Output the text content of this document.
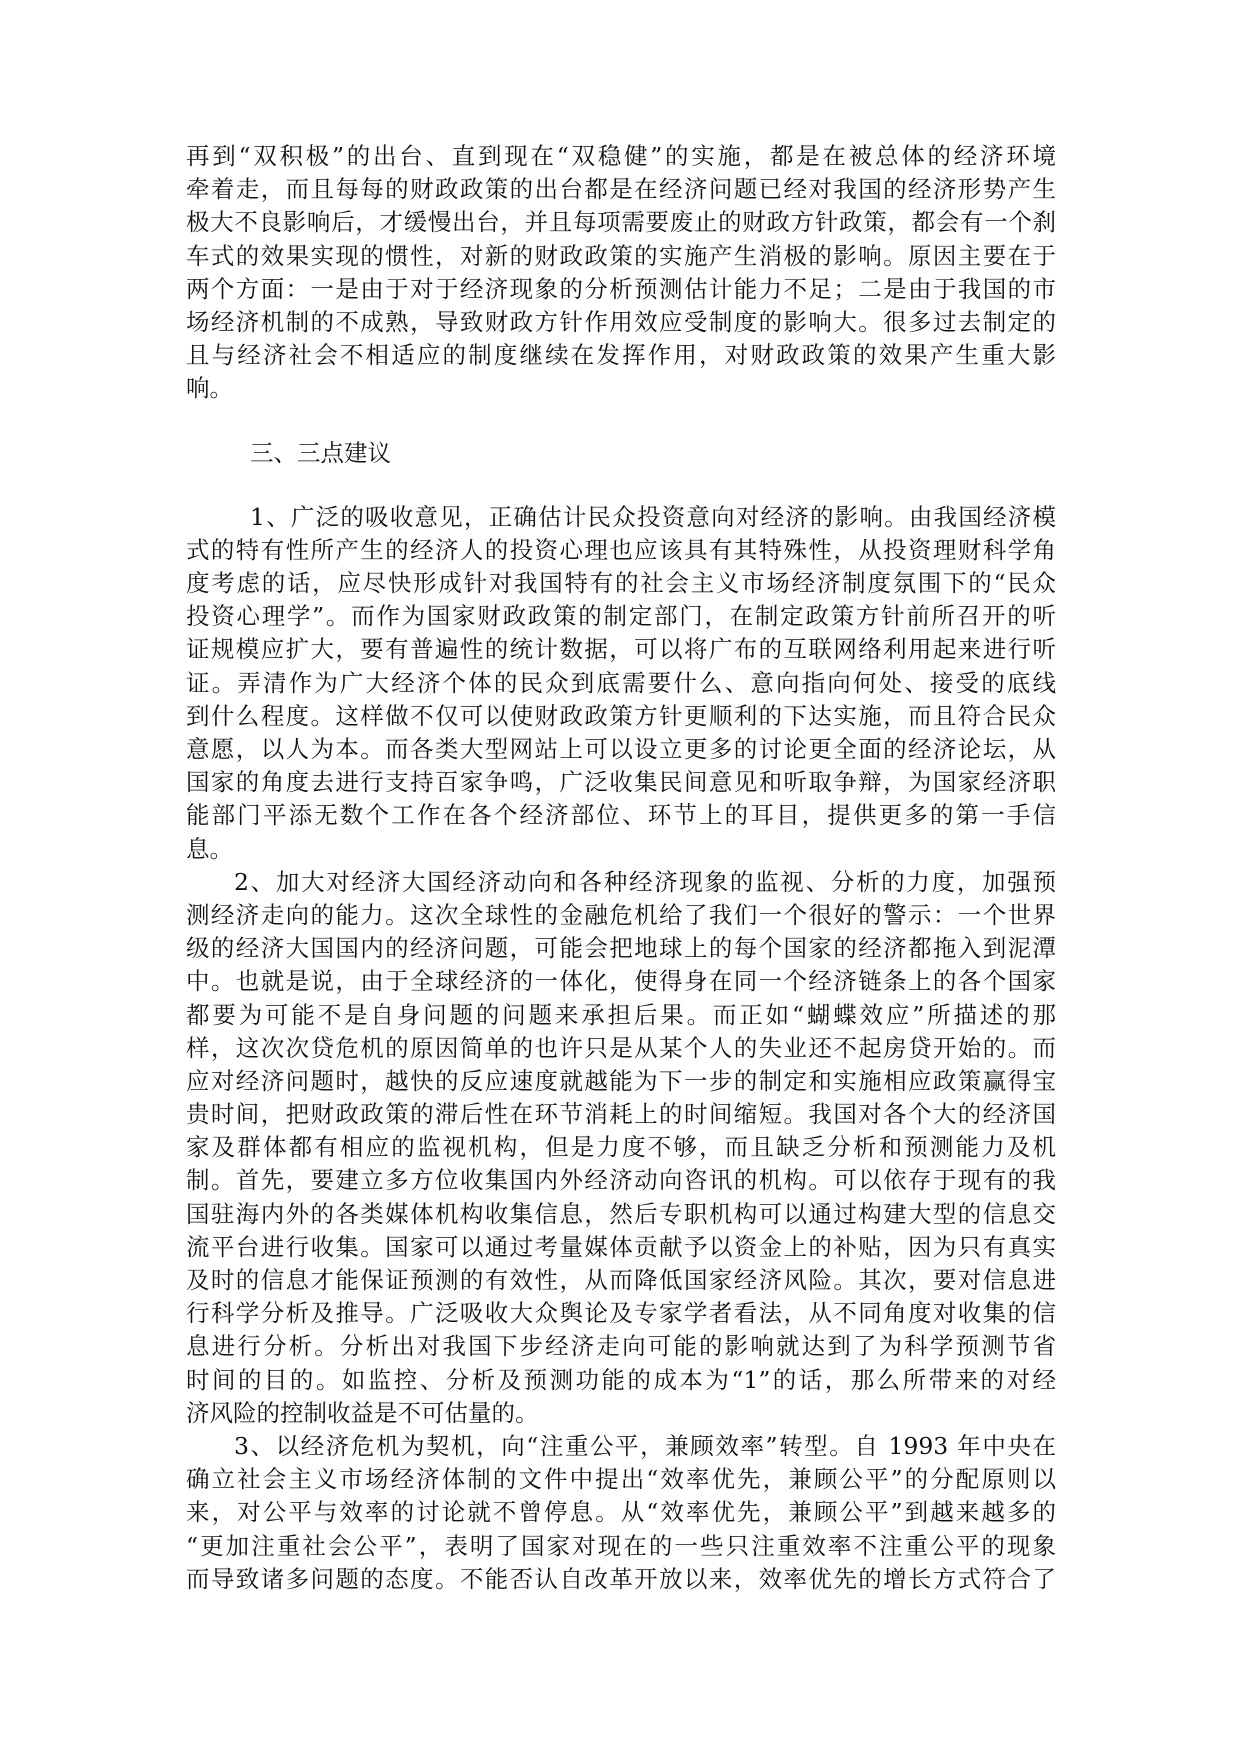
再到“双积极”的出台、直到现在“双稳健”的实施，都是在被总体的经济环境
牵着走，而且每每的财政政策的出台都是在经济问题已经对我国的经济形势产生
极大不良影响后，才缓慢出台，并且每项需要废止的财政方针政策，都会有一个刹
车式的效果实现的惯性，对新的财政政策的实施产生消极的影响。原因主要在于
两个方面：一是由于对于经济现象的分析预测估计能力不足；二是由于我国的市
场经济机制的不成熟，导致财政方针作用效应受制度的影响大。很多过去制定的
且与经济社会不相适应的制度继续在发挥作用，对财政政策的效果产生重大影
响。
三、三点建议
1、广泛的吸收意见，正确估计民众投资意向对经济的影响。由我国经济模
式的特有性所产生的经济人的投资心理也应该具有其特殊性，从投资理财科学角
度考虑的话，应尽快形成针对我国特有的社会主义市场经济制度氛围下的“民众
投资心理学”。而作为国家财政政策的制定部门，在制定政策方针前所召开的听
证规模应扩大，要有普遍性的统计数据，可以将广布的互联网络利用起来进行听
证。弄清作为广大经济个体的民众到底需要什么、意向指向何处、接受的底线
到什么程度。这样做不仅可以使财政政策方针更顺利的下达实施，而且符合民众
意愿，以人为本。而各类大型网站上可以设立更多的讨论更全面的经济论坛，从
国家的角度去进行支持百家争鸣，广泛收集民间意见和听取争辩，为国家经济职
能部门平添无数个工作在各个经济部位、环节上的耳目，提供更多的第一手信
息。
2、加大对经济大国经济动向和各种经济现象的监视、分析的力度，加强预
测经济走向的能力。这次全球性的金融危机给了我们一个很好的警示：一个世界
级的经济大国国内的经济问题，可能会把地球上的每个国家的经济都拖入到泥潭
中。也就是说，由于全球经济的一体化，使得身在同一个经济链条上的各个国家
都要为可能不是自身问题的问题来承担后果。而正如“蝴蝶效应”所描述的那
样，这次次贷危机的原因简单的也许只是从某个人的失业还不起房贷开始的。而
应对经济问题时，越快的反应速度就越能为下一步的制定和实施相应政策赢得宝
贵时间，把财政政策的滞后性在环节消耗上的时间缩短。我国对各个大的经济国
家及群体都有相应的监视机构，但是力度不够，而且缺乏分析和预测能力及机
制。首先，要建立多方位收集国内外经济动向咨讯的机构。可以依存于现有的我
国驻海内外的各类媒体机构收集信息，然后专职机构可以通过构建大型的信息交
流平台进行收集。国家可以通过考量媒体贡献予以资金上的补贴，因为只有真实
及时的信息才能保证预测的有效性，从而降低国家经济风险。其次，要对信息进
行科学分析及推导。广泛吸收大众舆论及专家学者看法，从不同角度对收集的信
息进行分析。分析出对我国下步经济走向可能的影响就达到了为科学预测节省
时间的目的。如监控、分析及预测功能的成本为“1”的话，那么所带来的对经
济风险的控制收益是不可估量的。
3、以经济危机为契机，向“注重公平，兼顾效率”转型。自 1993 年中央在
确立社会主义市场经济体制的文件中提出“效率优先，兼顾公平”的分配原则以
来，对公平与效率的讨论就不曾停息。从“效率优先，兼顾公平”到越来越多的
“更加注重社会公平”，表明了国家对现在的一些只注重效率不注重公平的现象
而导致诸多问题的态度。不能否认自改革开放以来，效率优先的增长方式符合了
